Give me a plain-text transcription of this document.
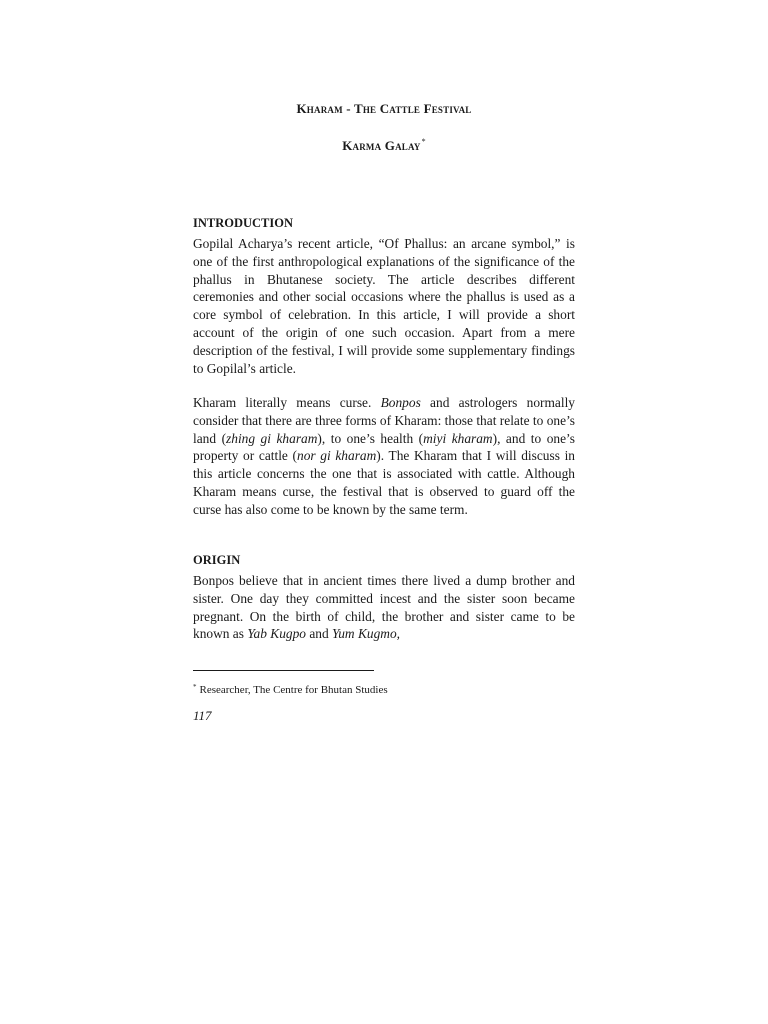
Kharam - The Cattle Festival
Karma Galay*
INTRODUCTION

Gopilal Acharya’s recent article, “Of Phallus: an arcane symbol,” is one of the first anthropological explanations of the significance of the phallus in Bhutanese society. The article describes different ceremonies and other social occasions where the phallus is used as a core symbol of celebration. In this article, I will provide a short account of the origin of one such occasion. Apart from a mere description of the festival, I will provide some supplementary findings to Gopilal’s article.

Kharam literally means curse. Bonpos and astrologers normally consider that there are three forms of Kharam: those that relate to one’s land (zhing gi kharam), to one’s health (miyi kharam), and to one’s property or cattle (nor gi kharam). The Kharam that I will discuss in this article concerns the one that is associated with cattle. Although Kharam means curse, the festival that is observed to guard off the curse has also come to be known by the same term.

ORIGIN

Bonpos believe that in ancient times there lived a dump brother and sister. One day they committed incest and the sister soon became pregnant. On the birth of child, the brother and sister came to be known as Yab Kugpo and Yum Kugmo,

* Researcher, The Centre for Bhutan Studies
117
